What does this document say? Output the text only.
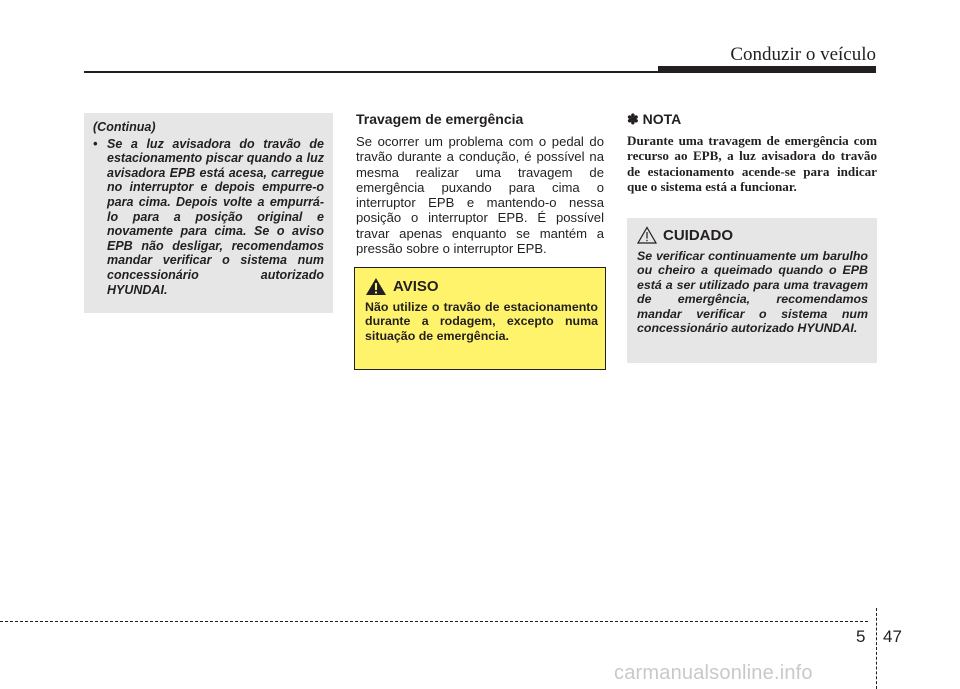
Conduzir o veículo
(Continua)
• Se a luz avisadora do travão de estacionamento piscar quando a luz avisadora EPB está acesa, carregue no interruptor e depois empurre-o para cima. Depois volte a empurrá-lo para a posição original e novamente para cima. Se o aviso EPB não desligar, recomendamos mandar verificar o sistema num concessionário autorizado HYUNDAI.
Travagem de emergência

Se ocorrer um problema com o pedal do travão durante a condução, é possível na mesma realizar uma travagem de emergência puxando para cima o interruptor EPB e mantendo-o nessa posição o interruptor EPB. É possível travar apenas enquanto se mantém a pressão sobre o interruptor EPB.

AVISO
Não utilize o travão de estacionamento durante a rodagem, excepto numa situação de emergência.
✽ NOTA
Durante uma travagem de emergência com recurso ao EPB, a luz avisadora do travão de estacionamento acende-se para indicar que o sistema está a funcionar.
CUIDADO
Se verificar continuamente um barulho ou cheiro a queimado quando o EPB está a ser utilizado para uma travagem de emergência, recomendamos mandar verificar o sistema num concessionário autorizado HYUNDAI.
5 47
carmanualsonline.info
